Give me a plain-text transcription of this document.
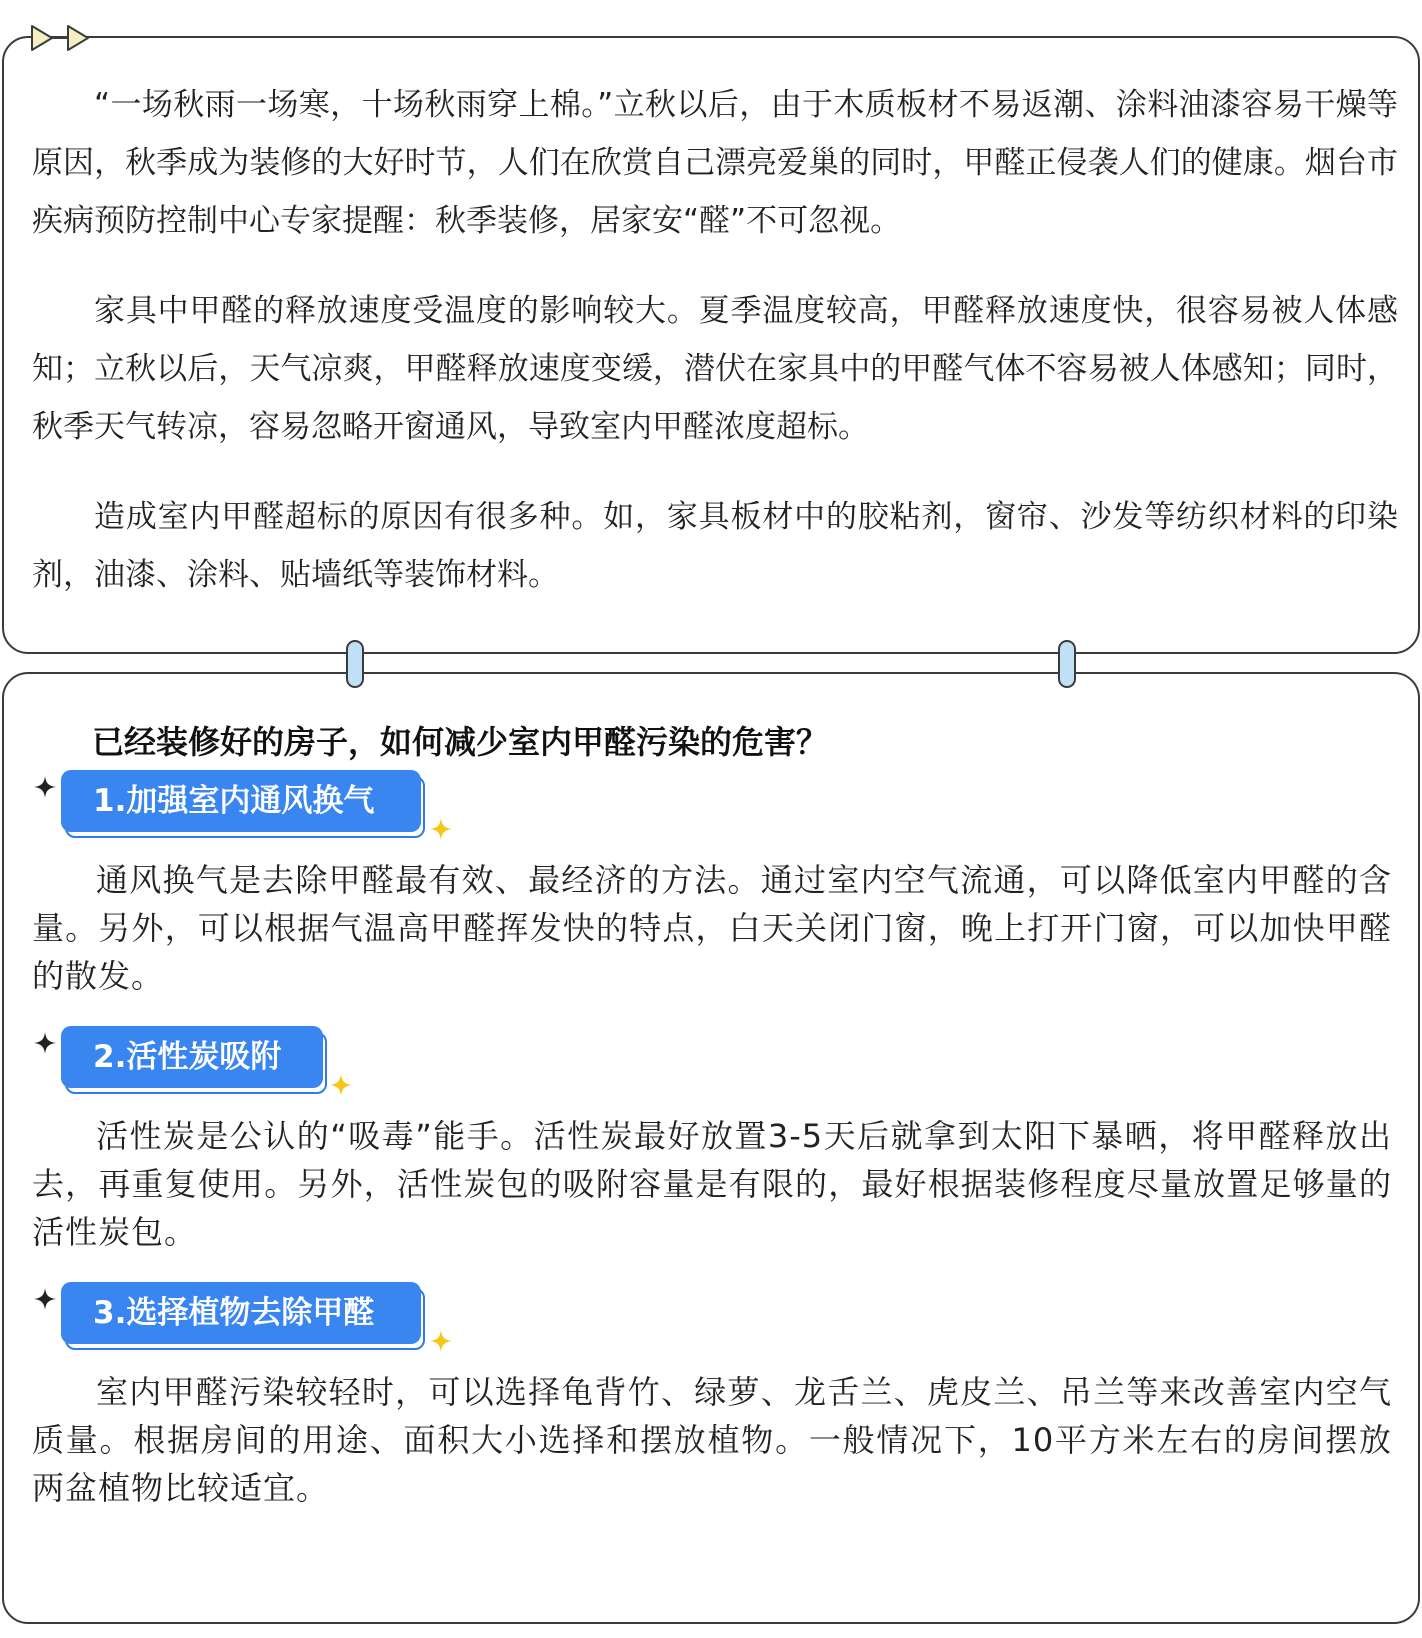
“一场秋雨一场寒，十场秋雨穿上棉。”立秋以后，由于木质板材不易返潮、涂料油漆容易干燥等原因，秋季成为装修的大好时节，人们在欣赏自己漂亮爱巢的同时，甲醛正侵袭人们的健康。烟台市疾病预防控制中心专家提醒：秋季装修，居家安“醛”不可忽视。

家具中甲醛的释放速度受温度的影响较大。夏季温度较高，甲醛释放速度快，很容易被人体感知；立秋以后，天气凉爽，甲醛释放速度变缓，潜伏在家具中的甲醛气体不容易被人体感知；同时，秋季天气转凉，容易忽略开窗通风，导致室内甲醛浓度超标。

造成室内甲醛超标的原因有很多种。如，家具板材中的胶粘剂，窗帘、沙发等纺织材料的印染剂，油漆、涂料、贴墙纸等装饰材料。

已经装修好的房子，如何减少室内甲醛污染的危害？
1.加强室内通风换气

通风换气是去除甲醛最有效、最经济的方法。通过室内空气流通，可以降低室内甲醛的含量。另外，可以根据气温高甲醛挥发快的特点，白天关闭门窗，晚上打开门窗，可以加快甲醛的散发。

2.活性炭吸附

活性炭是公认的“吸毒”能手。活性炭最好放置3-5天后就拿到太阳下暴晒，将甲醛释放出去，再重复使用。另外，活性炭包的吸附容量是有限的，最好根据装修程度尽量放置足够量的活性炭包。

3.选择植物去除甲醛

室内甲醛污染较轻时，可以选择龟背竹、绿萝、龙舌兰、虎皮兰、吊兰等来改善室内空气质量。根据房间的用途、面积大小选择和摆放植物。一般情况下，10平方米左右的房间摆放两盆植物比较适宜。
